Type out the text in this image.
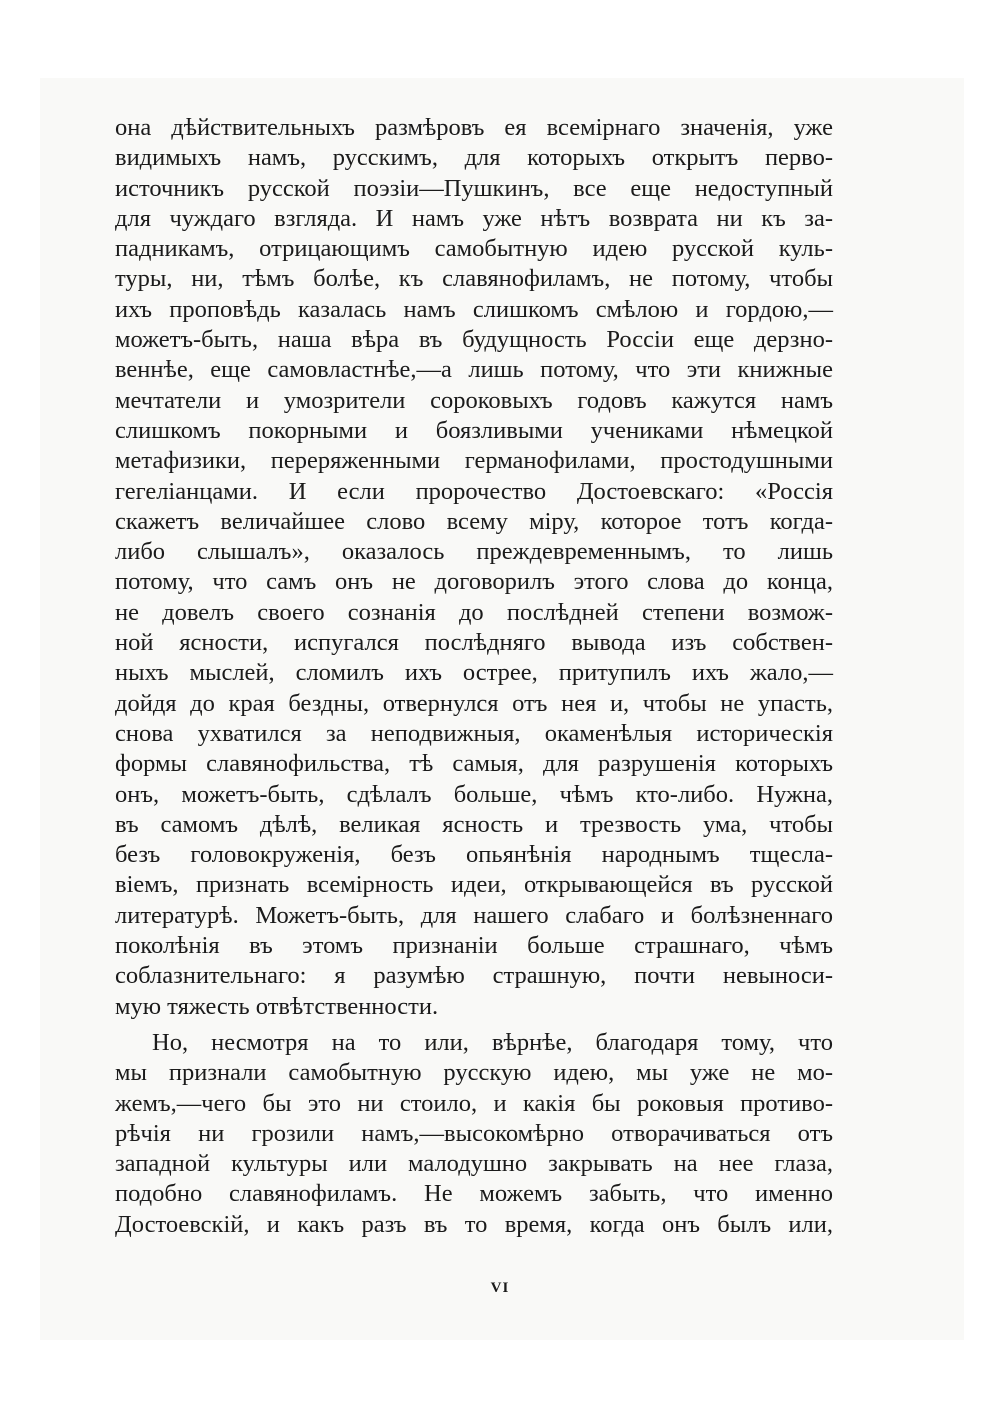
она дѣйствительныхъ размѣровъ ея всемірнаго значенія, уже
видимыхъ намъ, русскимъ, для которыхъ открытъ перво-
источникъ русской поэзіи—Пушкинъ, все еще недоступный
для чуждаго взгляда. И намъ уже нѣтъ возврата ни къ за-
падникамъ, отрицающимъ самобытную идею русской куль-
туры, ни, тѣмъ болѣе, къ славянофиламъ, не потому, чтобы
ихъ проповѣдь казалась намъ слишкомъ смѣлою и гордою,—
можетъ-быть, наша вѣра въ будущность Россіи еще дерзно-
веннѣе, еще самовластнѣе,—а лишь потому, что эти книжные
мечтатели и умозрители сороковыхъ годовъ кажутся намъ
слишкомъ покорными и боязливыми учениками нѣмецкой
метафизики, переряженными германофилами, простодушными
гегеліанцами. И если пророчество Достоевскаго: «Россія
скажетъ величайшее слово всему міру, которое тотъ когда-
либо слышалъ», оказалось преждевременнымъ, то лишь
потому, что самъ онъ не договорилъ этого слова до конца,
не довелъ своего сознанія до послѣдней степени возмож-
ной ясности, испугался послѣдняго вывода изъ собствен-
ныхъ мыслей, сломилъ ихъ острее, притупилъ ихъ жало,—
дойдя до края бездны, отвернулся отъ нея и, чтобы не упасть,
снова ухватился за неподвижныя, окаменѣлыя историческія
формы славянофильства, тѣ самыя, для разрушенія которыхъ
онъ, можетъ-быть, сдѣлалъ больше, чѣмъ кто-либо. Нужна,
въ самомъ дѣлѣ, великая ясность и трезвость ума, чтобы
безъ головокруженія, безъ опьянѣнія народнымъ тщесла-
віемъ, признать всемірность идеи, открывающейся въ русской
литературѣ. Можетъ-быть, для нашего слабаго и болѣзненнаго
поколѣнія въ этомъ признаніи больше страшнаго, чѣмъ
соблазнительнаго: я разумѣю страшную, почти невыноси-
мую тяжесть отвѣтственности.
Но, несмотря на то или, вѣрнѣе, благодаря тому, что
мы признали самобытную русскую идею, мы уже не мо-
жемъ,—чего бы это ни стоило, и какія бы роковыя противо-
рѣчія ни грозили намъ,—высокомѣрно отворачиваться отъ
западной культуры или малодушно закрывать на нее глаза,
подобно славянофиламъ. Не можемъ забыть, что именно
Достоевскій, и какъ разъ въ то время, когда онъ былъ или,
VI
